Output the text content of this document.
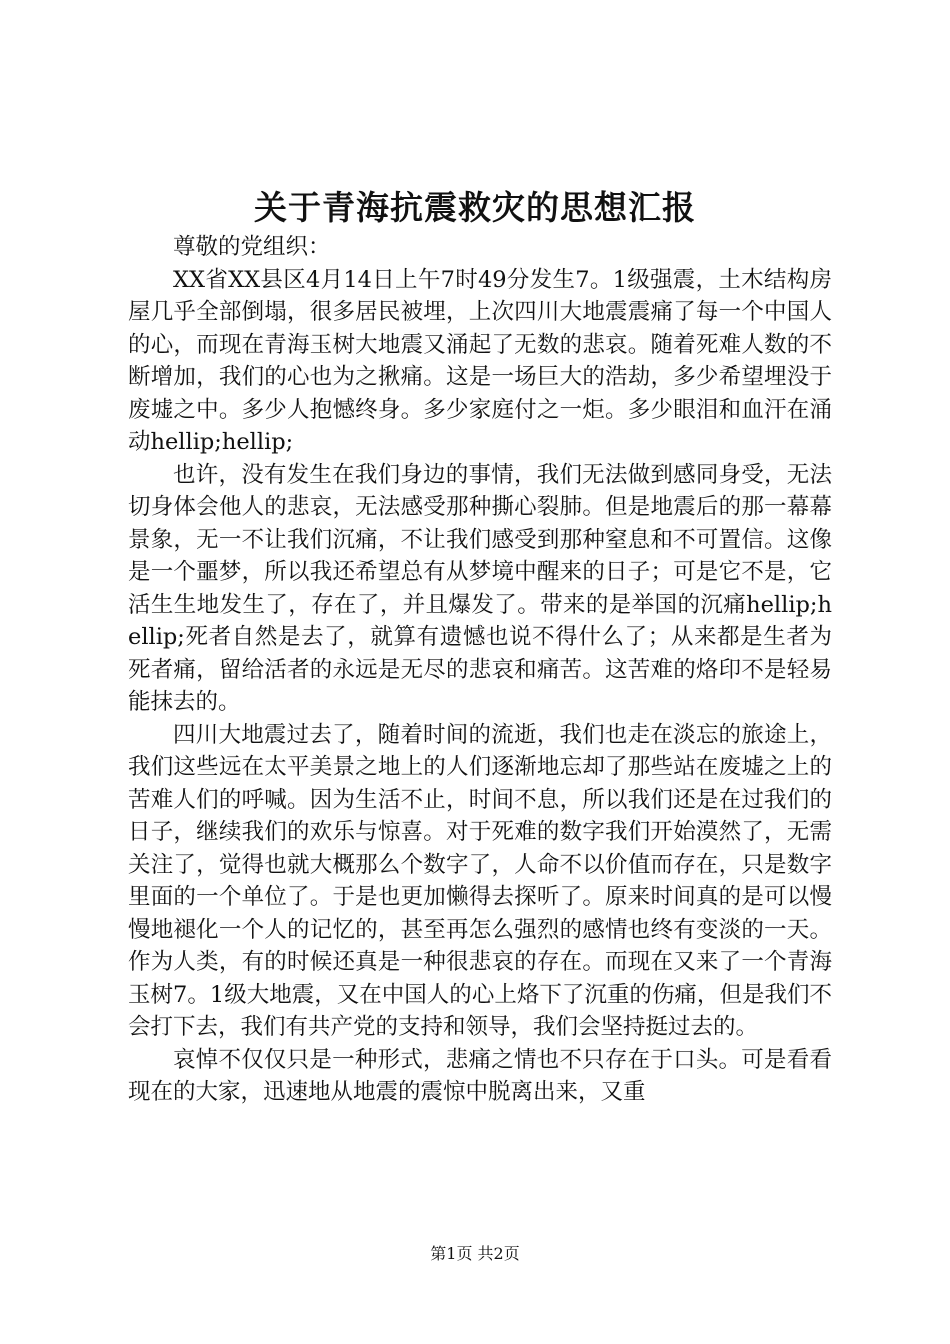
关于青海抗震救灾的思想汇报

尊敬的党组织：

XX省XX县区4月14日上午7时49分发生7。1级强震，土木结构房屋几乎全部倒塌，很多居民被埋，上次四川大地震震痛了每一个中国人的心，而现在青海玉树大地震又涌起了无数的悲哀。随着死难人数的不断增加，我们的心也为之揪痛。这是一场巨大的浩劫，多少希望埋没于废墟之中。多少人抱憾终身。多少家庭付之一炬。多少眼泪和血汗在涌动hellip;hellip;

也许，没有发生在我们身边的事情，我们无法做到感同身受，无法切身体会他人的悲哀，无法感受那种撕心裂肺。但是地震后的那一幕幕景象，无一不让我们沉痛，不让我们感受到那种窒息和不可置信。这像是一个噩梦，所以我还希望总有从梦境中醒来的日子；可是它不是，它活生生地发生了，存在了，并且爆发了。带来的是举国的沉痛hellip;hellip;死者自然是去了，就算有遗憾也说不得什么了；从来都是生者为死者痛，留给活者的永远是无尽的悲哀和痛苦。这苦难的烙印不是轻易能抹去的。

四川大地震过去了，随着时间的流逝，我们也走在淡忘的旅途上，我们这些远在太平美景之地上的人们逐渐地忘却了那些站在废墟之上的苦难人们的呼喊。因为生活不止，时间不息，所以我们还是在过我们的日子，继续我们的欢乐与惊喜。对于死难的数字我们开始漠然了，无需关注了，觉得也就大概那么个数字了，人命不以价值而存在，只是数字里面的一个单位了。于是也更加懒得去探听了。原来时间真的是可以慢慢地褪化一个人的记忆的，甚至再怎么强烈的感情也终有变淡的一天。作为人类，有的时候还真是一种很悲哀的存在。而现在又来了一个青海玉树7。1级大地震，又在中国人的心上烙下了沉重的伤痛，但是我们不会打下去，我们有共产党的支持和领导，我们会坚持挺过去的。

哀悼不仅仅只是一种形式，悲痛之情也不只存在于口头。可是看看现在的大家，迅速地从地震的震惊中脱离出来，又重

第1页 共2页
